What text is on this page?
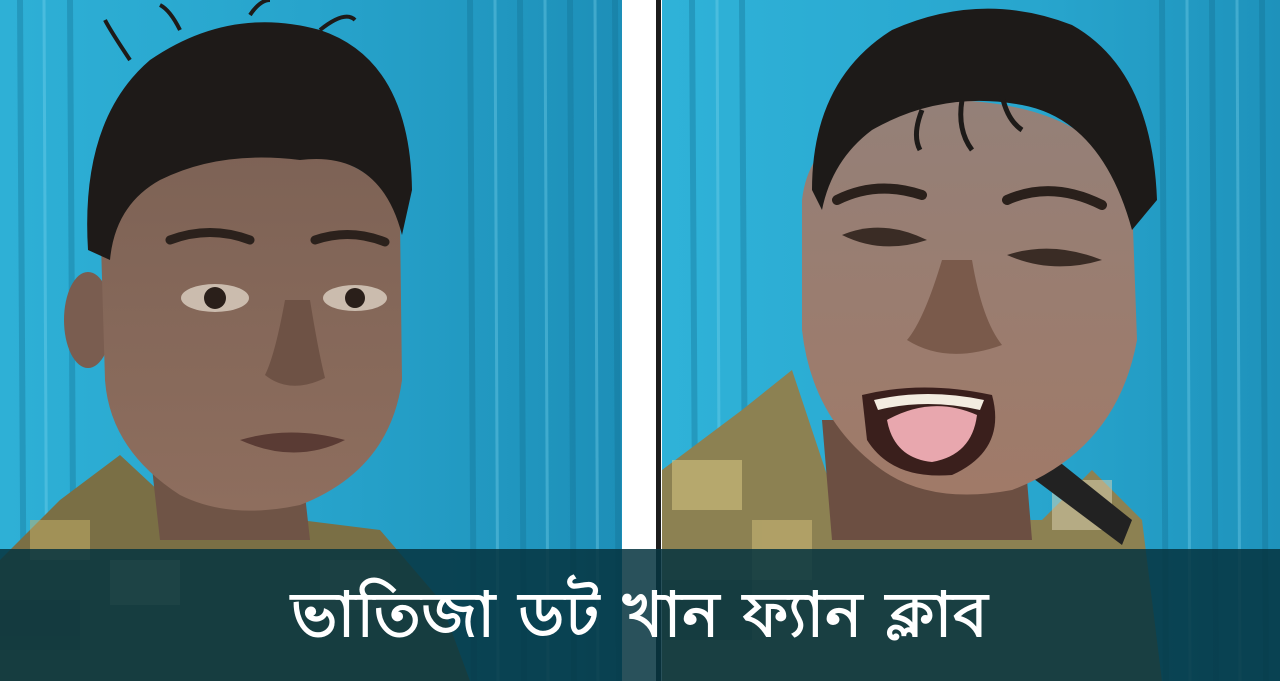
ভাতিজা ডট খান ফ্যান ক্লাব
